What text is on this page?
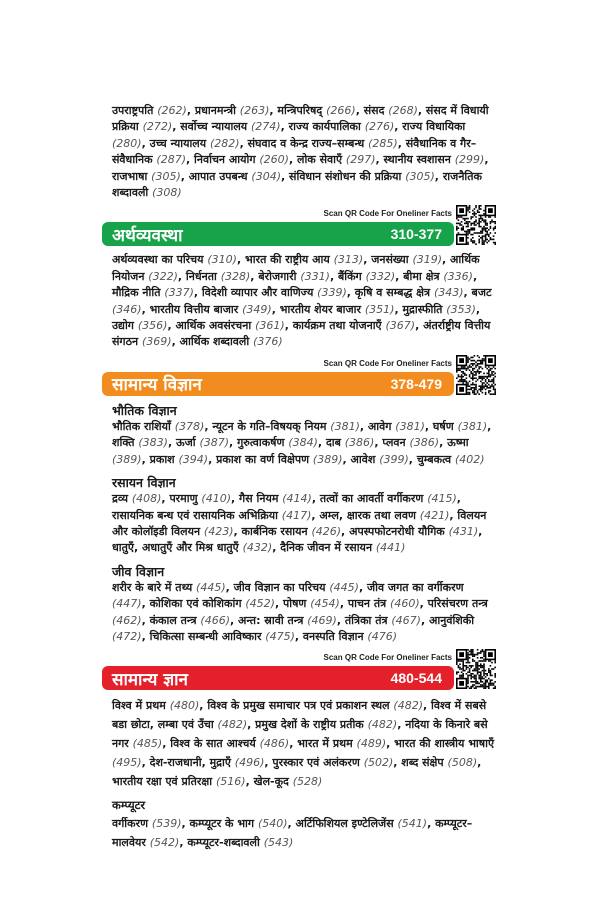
उपराष्ट्रपति (262), प्रधानमन्त्री (263), मन्त्रिपरिषद् (266), संसद (268), संसद में विधायी प्रक्रिया (272), सर्वोच्च न्यायालय (274), राज्य कार्यपालिका (276), राज्य विधायिका (280), उच्च न्यायालय (282), संघवाद व केन्द्र राज्य–सम्बन्ध (285), संवैधानिक व गैर–संवैधानिक (287), निर्वाचन आयोग (260), लोक सेवाएँ (297), स्थानीय स्वशासन (299), राजभाषा (305), आपात उपबन्ध (304), संविधान संशोधन की प्रक्रिया (305), राजनैतिक शब्दावली (308)
Scan QR Code For Oneliner Facts
अर्थव्यवस्था	310-377
अर्थव्यवस्था का परिचय (310), भारत की राष्ट्रीय आय (313), जनसंख्या (319), आर्थिक नियोजन (322), निर्धनता (328), बेरोजगारी (331), बैंकिंग (332), बीमा क्षेत्र (336), मौद्रिक नीति (337), विदेशी व्यापार और वाणिज्य (339), कृषि व सम्बद्ध क्षेत्र (343), बजट (346), भारतीय वित्तीय बाजार (349), भारतीय शेयर बाजार (351), मुद्रास्फीति (353), उद्योग (356), आर्थिक अवसंरचना (361), कार्यक्रम तथा योजनाएँ (367), अंतर्राष्ट्रीय वित्तीय संगठन (369), आर्थिक शब्दावली (376)
Scan QR Code For Oneliner Facts
सामान्य विज्ञान	378-479
भौतिक विज्ञान
भौतिक राशियाँ (378), न्यूटन के गति–विषयक् नियम (381), आवेग (381), घर्षण (381), शक्ति (383), ऊर्जा (387), गुरुत्वाकर्षण (384), दाब (386), प्लवन (386), ऊष्मा (389), प्रकाश (394), प्रकाश का वर्ण विक्षेपण (389), आवेश (399), चुम्बकत्व (402)
रसायन विज्ञान
द्रव्य (408), परमाणु (410), गैस नियम (414), तत्वों का आवर्ती वर्गीकरण (415), रासायनिक बन्ध एवं रासायनिक अभिक्रिया (417), अम्ल, क्षारक तथा लवण (421), विलयन और कोलॉइडी विलयन (423), कार्बनिक रसायन (426), अपस्पफोटनरोधी यौगिक (431), धातुएँ, अधातुएँ और मिश्र धातुएँ (432), दैनिक जीवन में रसायन (441)
जीव विज्ञान
शरीर के बारे में तथ्य (445), जीव विज्ञान का परिचय (445), जीव जगत का वर्गीकरण (447), कोशिका एवं कोशिकांग (452), पोषण (454), पाचन तंत्र (460), परिसंचरण तन्त्र (462), कंकाल तन्त्र (466), अन्त: स्रावी तन्त्र (469), तंत्रिका तंत्र (467), आनुवंशिकी (472), चिकित्सा सम्बन्धी आविष्कार (475), वनस्पति विज्ञान (476)
Scan QR Code For Oneliner Facts
सामान्य ज्ञान	480-544
विश्व में प्रथम (480), विश्व के प्रमुख समाचार पत्र एवं प्रकाशन स्थल (482), विश्व में सबसे बडा छोटा, लम्बा एवं उँचा (482), प्रमुख देशों के राष्ट्रीय प्रतीक (482), नदिया के किनारे बसे नगर (485), विश्व के सात आश्चर्य (486), भारत में प्रथम (489), भारत की शास्त्रीय भाषाएँ (495), देश-राजधानी, मुद्राएँ (496), पुरस्कार एवं अलंकरण (502), शब्द संक्षेप (508), भारतीय रक्षा एवं प्रतिरक्षा (516), खेल-कूद (528)
कम्प्यूटर
वर्गीकरण (539), कम्प्यूटर के भाग (540), अर्टिफिशियल इण्टेलिजेंस (541), कम्प्यूटर–मालवेयर (542), कम्प्यूटर-शब्दावली (543)
